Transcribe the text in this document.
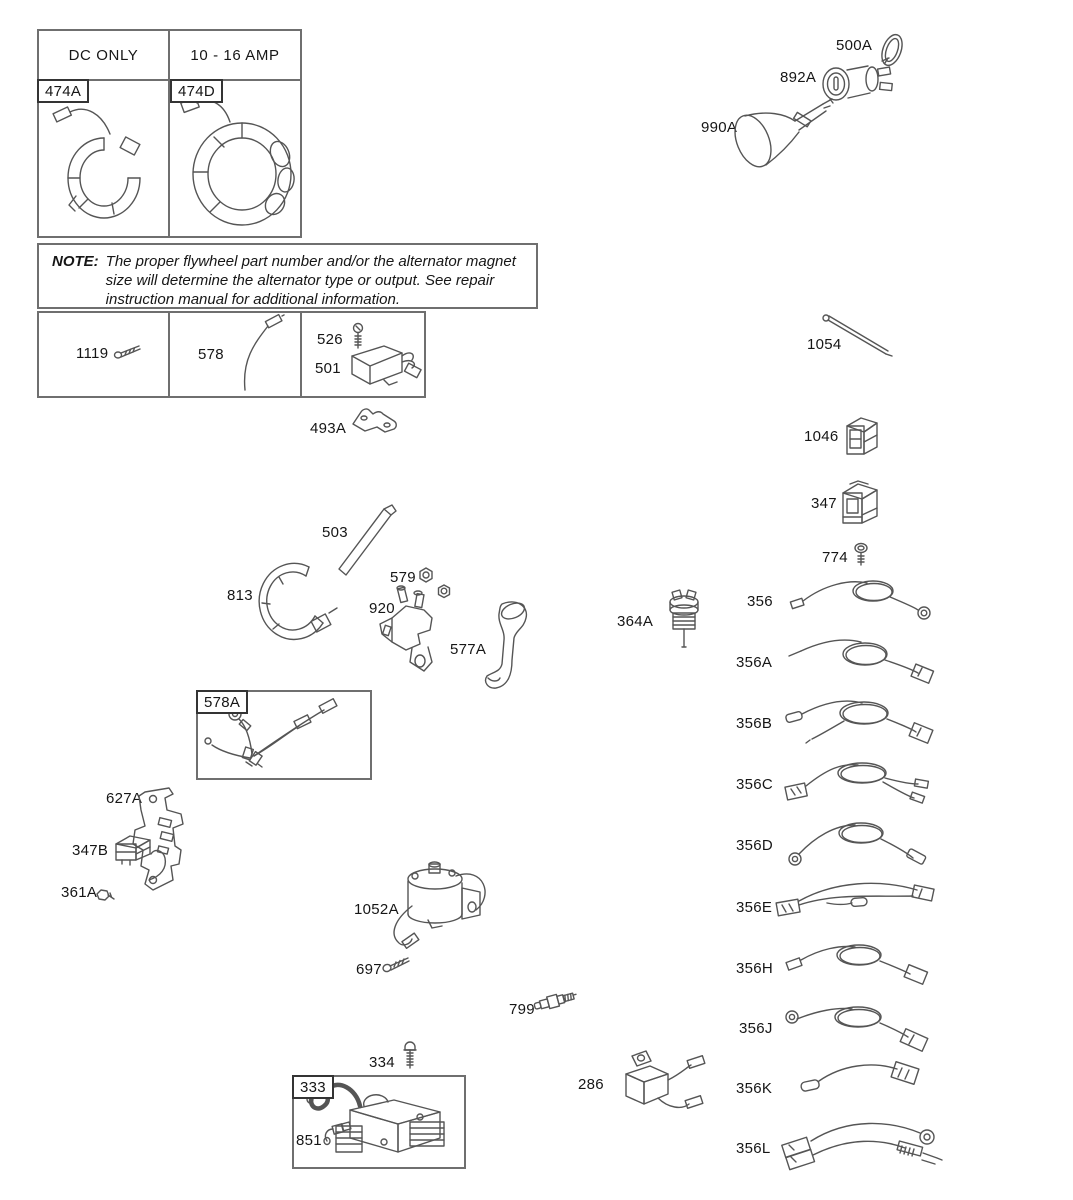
DC ONLY	10 - 16 AMP
474A	474D
NOTE: The proper flywheel part number and/or the alternator magnet size will determine the alternator type or output. See repair instruction manual for additional information.
1119	578
526
501
493A
500A
892A
990A
1054
1046
347
774
364A
503
813
579
920
577A
578A
627A
347B
361A
1052A
697
799
334
333
851
286
356
356A
356B
356C
356D
356E
356H
356J
356K
356L
